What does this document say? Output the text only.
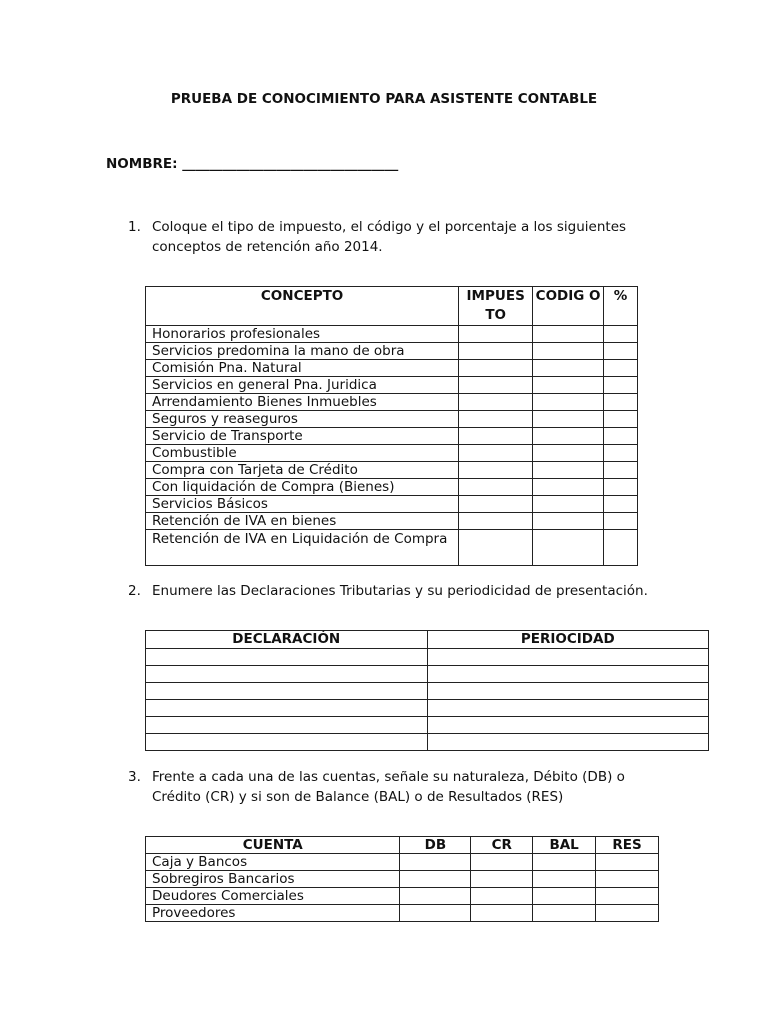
PRUEBA DE CONOCIMIENTO PARA ASISTENTE CONTABLE
NOMBRE: ________________________________
1. Coloque el tipo de impuesto, el código y el porcentaje a los siguientes conceptos de retención año 2014.
CONCEPTO	IMPUES TO	CODIG O	%
Honorarios profesionales			
Servicios predomina la mano de obra			
Comisión Pna. Natural			
Servicios en general Pna. Juridica			
Arrendamiento Bienes Inmuebles			
Seguros y reaseguros			
Servicio de Transporte			
Combustible			
Compra con Tarjeta de Crédito			
Con liquidación de Compra (Bienes)			
Servicios Básicos			
Retención de IVA en bienes			
Retención de IVA en Liquidación de Compra			
2. Enumere las Declaraciones Tributarias y su periodicidad de presentación.
DECLARACIÓN	PERIOCIDAD

3. Frente a cada una de las cuentas, señale su naturaleza, Débito (DB) o Crédito (CR) y si son de Balance (BAL) o de Resultados (RES)
CUENTA	DB	CR	BAL	RES
Caja y Bancos				
Sobregiros Bancarios				
Deudores Comerciales				
Proveedores				
